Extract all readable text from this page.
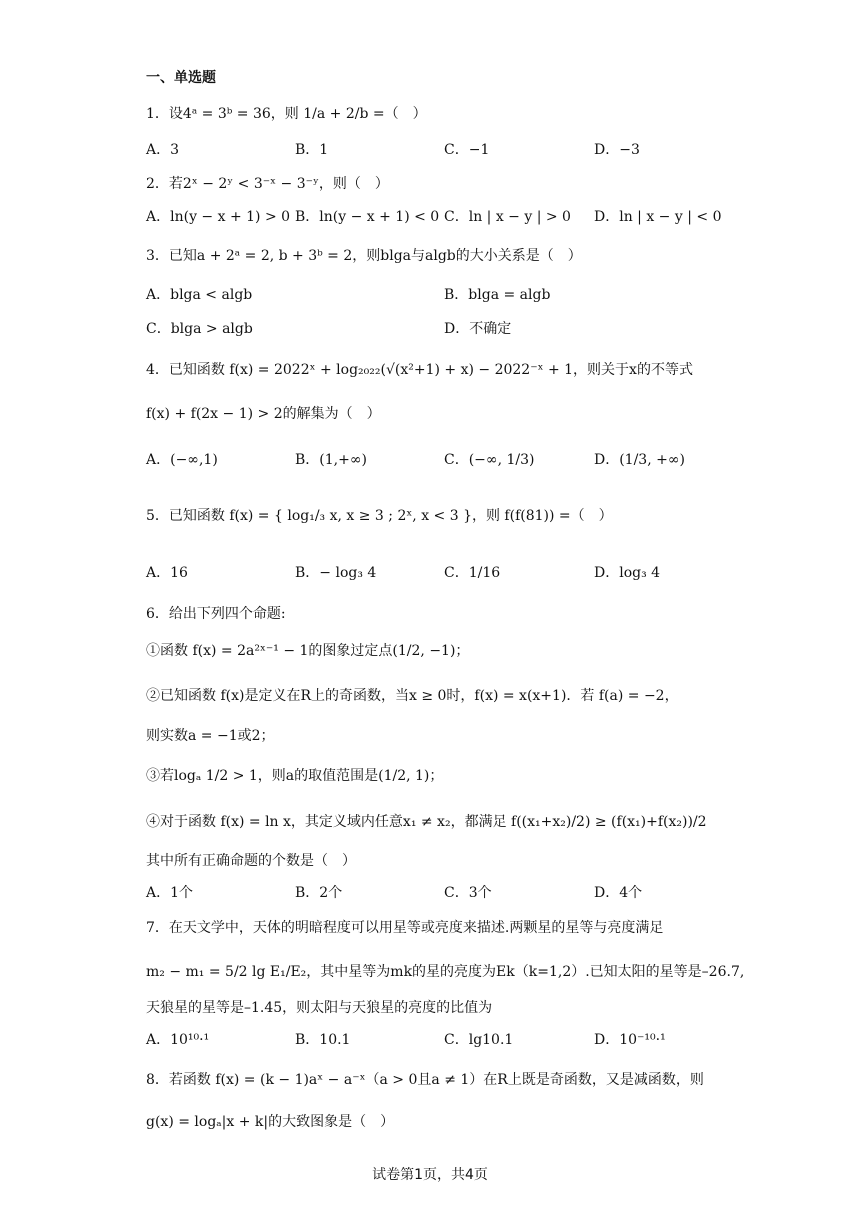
一、单选题
1．设4ᵃ = 3ᵇ = 36，则 1/a + 2/b =（　）
A．3	B．1	C．−1	D．−3
2．若2ˣ − 2ʸ < 3⁻ˣ − 3⁻ʸ，则（　）
A．ln(y − x + 1) > 0 B．ln(y − x + 1) < 0 C．ln | x − y | > 0 D．ln | x − y | < 0
3．已知a + 2ᵃ = 2, b + 3ᵇ = 2，则blga与algb的大小关系是（　）
A．blga < algb	B．blga = algb
C．blga > algb	D．不确定
4．已知函数 f(x) = 2022ˣ + log₂₀₂₂(√(x²+1) + x) − 2022⁻ˣ + 1，则关于x的不等式
f(x) + f(2x − 1) > 2的解集为（　）
A．(−∞,1)	B．(1,+∞)	C．(−∞, 1/3)	D．(1/3, +∞)
5．已知函数 f(x) = { log₁/₃ x, x ≥ 3 ; 2ˣ, x < 3 }，则 f(f(81)) =（　）
A．16	B．− log₃ 4	C．1/16	D．log₃ 4
6．给出下列四个命题:
①函数 f(x) = 2a²ˣ⁻¹ − 1的图象过定点(1/2, −1)；
②已知函数 f(x)是定义在R上的奇函数，当x ≥ 0时，f(x) = x(x+1)．若 f(a) = −2，
则实数a = −1或2；
③若logₐ 1/2 > 1，则a的取值范围是(1/2, 1)；
④对于函数 f(x) = ln x，其定义域内任意x₁ ≠ x₂，都满足 f((x₁+x₂)/2) ≥ (f(x₁)+f(x₂))/2
其中所有正确命题的个数是（　）
A．1个	B．2个	C．3个	D．4个
7．在天文学中，天体的明暗程度可以用星等或亮度来描述.两颗星的星等与亮度满足
m₂ − m₁ = 5/2 lg E₁/E₂，其中星等为mk的星的亮度为Ek（k=1,2）.已知太阳的星等是–26.7,
天狼星的星等是–1.45，则太阳与天狼星的亮度的比值为
A．10¹⁰·¹	B．10.1	C．lg10.1	D．10⁻¹⁰·¹
8．若函数 f(x) = (k − 1)aˣ − a⁻ˣ（a > 0且a ≠ 1）在R上既是奇函数，又是减函数，则
g(x) = logₐ|x + k|的大致图象是（　）
试卷第1页，共4页
